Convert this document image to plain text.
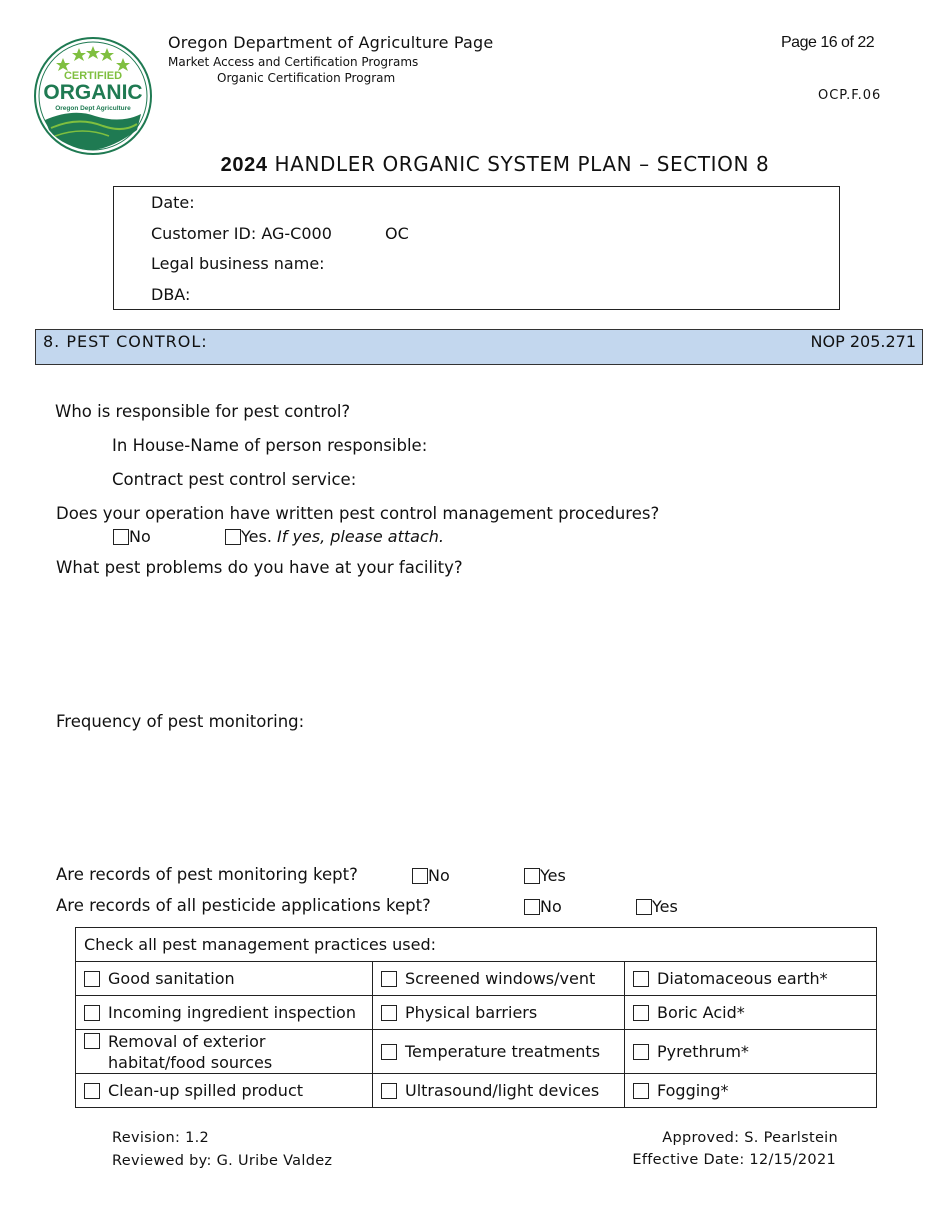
CERTIFIED
ORGANIC
Oregon Dept Agriculture
Oregon Department of Agriculture Page
Market Access and Certification Programs
Organic Certification Program
Page 16 of 22
OCP.F.06
2024 HANDLER ORGANIC SYSTEM PLAN – SECTION 8
Date:
Customer ID: AG-C000	OC
Legal business name:
DBA:
8. PEST CONTROL:	NOP 205.271
Who is responsible for pest control?
In House-Name of person responsible:
Contract pest control service:
Does your operation have written pest control management procedures?
No	Yes. If yes, please attach.
What pest problems do you have at your facility?
Frequency of pest monitoring:
Are records of pest monitoring kept?	No	Yes
Are records of all pesticide applications kept?	No	Yes
Check all pest management practices used:		
Good sanitation	Screened windows/vent	Diatomaceous earth*
Incoming ingredient inspection	Physical barriers	Boric Acid*

Removal of exterior habitat/food sources	Temperature treatments	Pyrethrum*
Clean-up spilled product	Ultrasound/light devices	Fogging*
Revision: 1.2
Reviewed by: G. Uribe Valdez
Approved: S. Pearlstein
Effective Date: 12/15/2021
